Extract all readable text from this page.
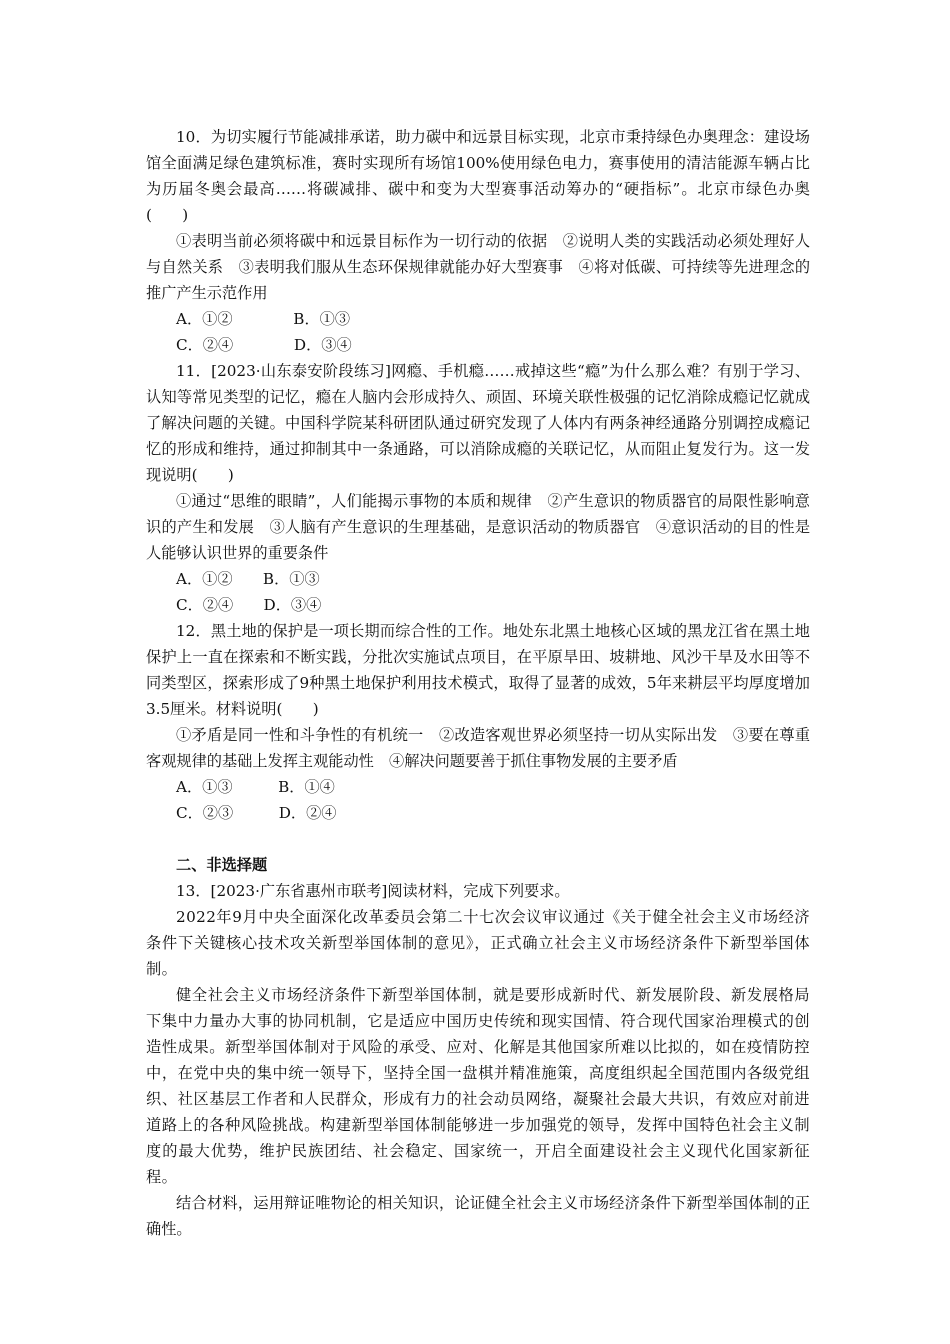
10．为切实履行节能减排承诺，助力碳中和远景目标实现，北京市秉持绿色办奥理念：建设场馆全面满足绿色建筑标准，赛时实现所有场馆100%使用绿色电力，赛事使用的清洁能源车辆占比为历届冬奥会最高……将碳减排、碳中和变为大型赛事活动筹办的“硬指标”。北京市绿色办奥(　　)

①表明当前必须将碳中和远景目标作为一切行动的依据　②说明人类的实践活动必须处理好人与自然关系　③表明我们服从生态环保规律就能办好大型赛事　④将对低碳、可持续等先进理念的推广产生示范作用

A．①②　　　　B．①③

C．②④　　　　D．③④

11．[2023·山东泰安阶段练习]网瘾、手机瘾……戒掉这些“瘾”为什么那么难？有别于学习、认知等常见类型的记忆，瘾在人脑内会形成持久、顽固、环境关联性极强的记忆消除成瘾记忆就成了解决问题的关键。中国科学院某科研团队通过研究发现了人体内有两条神经通路分别调控成瘾记忆的形成和维持，通过抑制其中一条通路，可以消除成瘾的关联记忆，从而阻止复发行为。这一发现说明(　　)

①通过“思维的眼睛”，人们能揭示事物的本质和规律　②产生意识的物质器官的局限性影响意识的产生和发展　③人脑有产生意识的生理基础，是意识活动的物质器官　④意识活动的目的性是人能够认识世界的重要条件

A．①②　　B．①③

C．②④　　D．③④

12．黑土地的保护是一项长期而综合性的工作。地处东北黑土地核心区域的黑龙江省在黑土地保护上一直在探索和不断实践，分批次实施试点项目，在平原旱田、坡耕地、风沙干旱及水田等不同类型区，探索形成了9种黑土地保护利用技术模式，取得了显著的成效，5年来耕层平均厚度增加3.5厘米。材料说明(　　)

①矛盾是同一性和斗争性的有机统一　②改造客观世界必须坚持一切从实际出发　③要在尊重客观规律的基础上发挥主观能动性　④解决问题要善于抓住事物发展的主要矛盾

A．①③　　　B．①④

C．②③　　　D．②④

二、非选择题

13．[2023·广东省惠州市联考]阅读材料，完成下列要求。

2022年9月中央全面深化改革委员会第二十七次会议审议通过《关于健全社会主义市场经济条件下关键核心技术攻关新型举国体制的意见》，正式确立社会主义市场经济条件下新型举国体制。

健全社会主义市场经济条件下新型举国体制，就是要形成新时代、新发展阶段、新发展格局下集中力量办大事的协同机制，它是适应中国历史传统和现实国情、符合现代国家治理模式的创造性成果。新型举国体制对于风险的承受、应对、化解是其他国家所难以比拟的，如在疫情防控中，在党中央的集中统一领导下，坚持全国一盘棋并精准施策，高度组织起全国范围内各级党组织、社区基层工作者和人民群众，形成有力的社会动员网络，凝聚社会最大共识，有效应对前进道路上的各种风险挑战。构建新型举国体制能够进一步加强党的领导，发挥中国特色社会主义制度的最大优势，维护民族团结、社会稳定、国家统一，开启全面建设社会主义现代化国家新征程。

结合材料，运用辩证唯物论的相关知识，论证健全社会主义市场经济条件下新型举国体制的正确性。
